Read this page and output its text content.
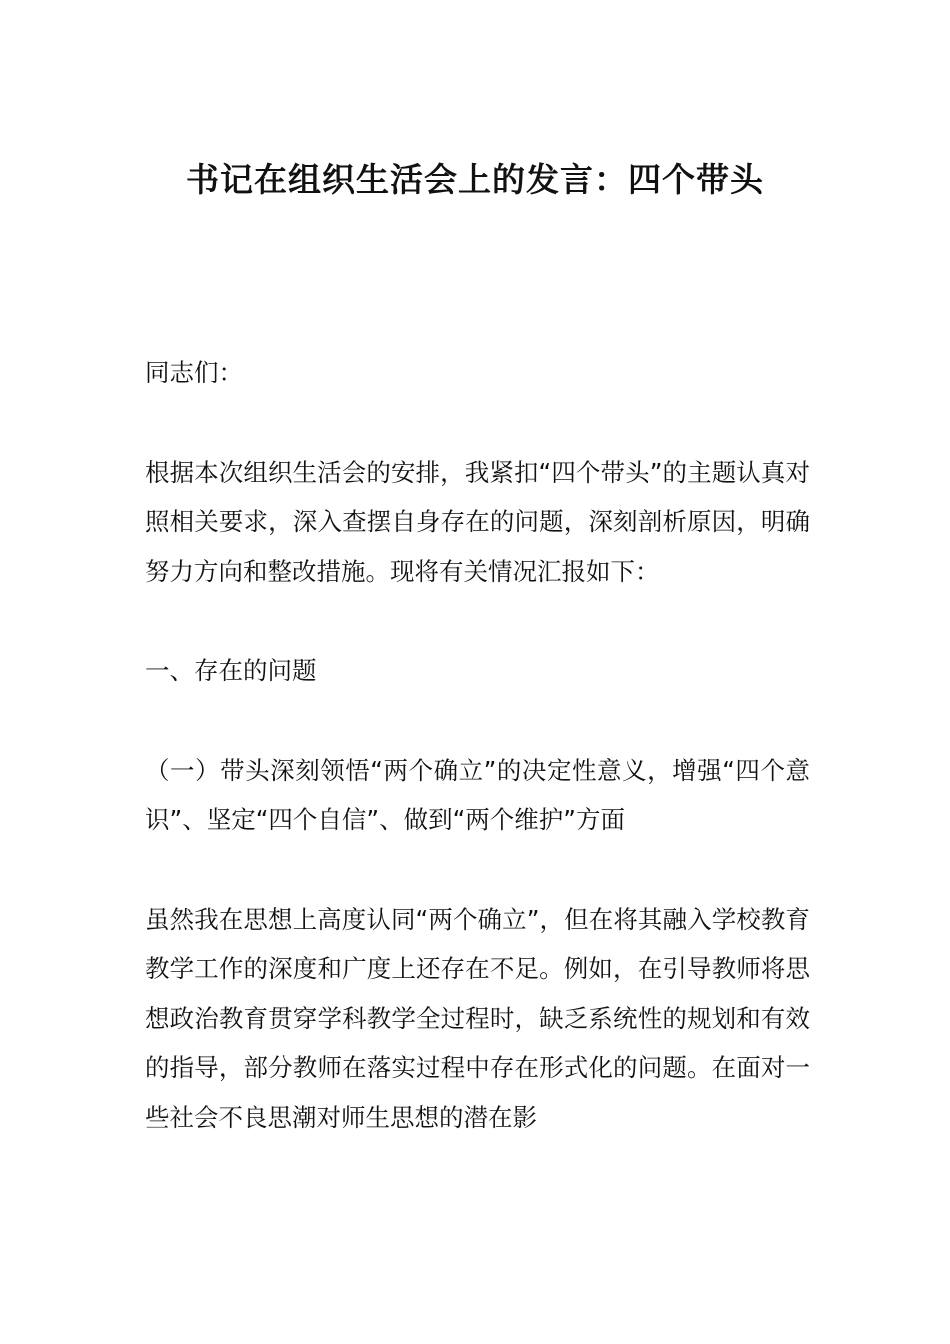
书记在组织生活会上的发言：四个带头

同志们：

根据本次组织生活会的安排，我紧扣“四个带头”的主题认真对照相关要求，深入查摆自身存在的问题，深刻剖析原因，明确努力方向和整改措施。现将有关情况汇报如下：

一、存在的问题

（一）带头深刻领悟“两个确立”的决定性意义，增强“四个意识”、坚定“四个自信”、做到“两个维护”方面

虽然我在思想上高度认同“两个确立”，但在将其融入学校教育教学工作的深度和广度上还存在不足。例如，在引导教师将思想政治教育贯穿学科教学全过程时，缺乏系统性的规划和有效的指导，部分教师在落实过程中存在形式化的问题。在面对一些社会不良思潮对师生思想的潜在影
